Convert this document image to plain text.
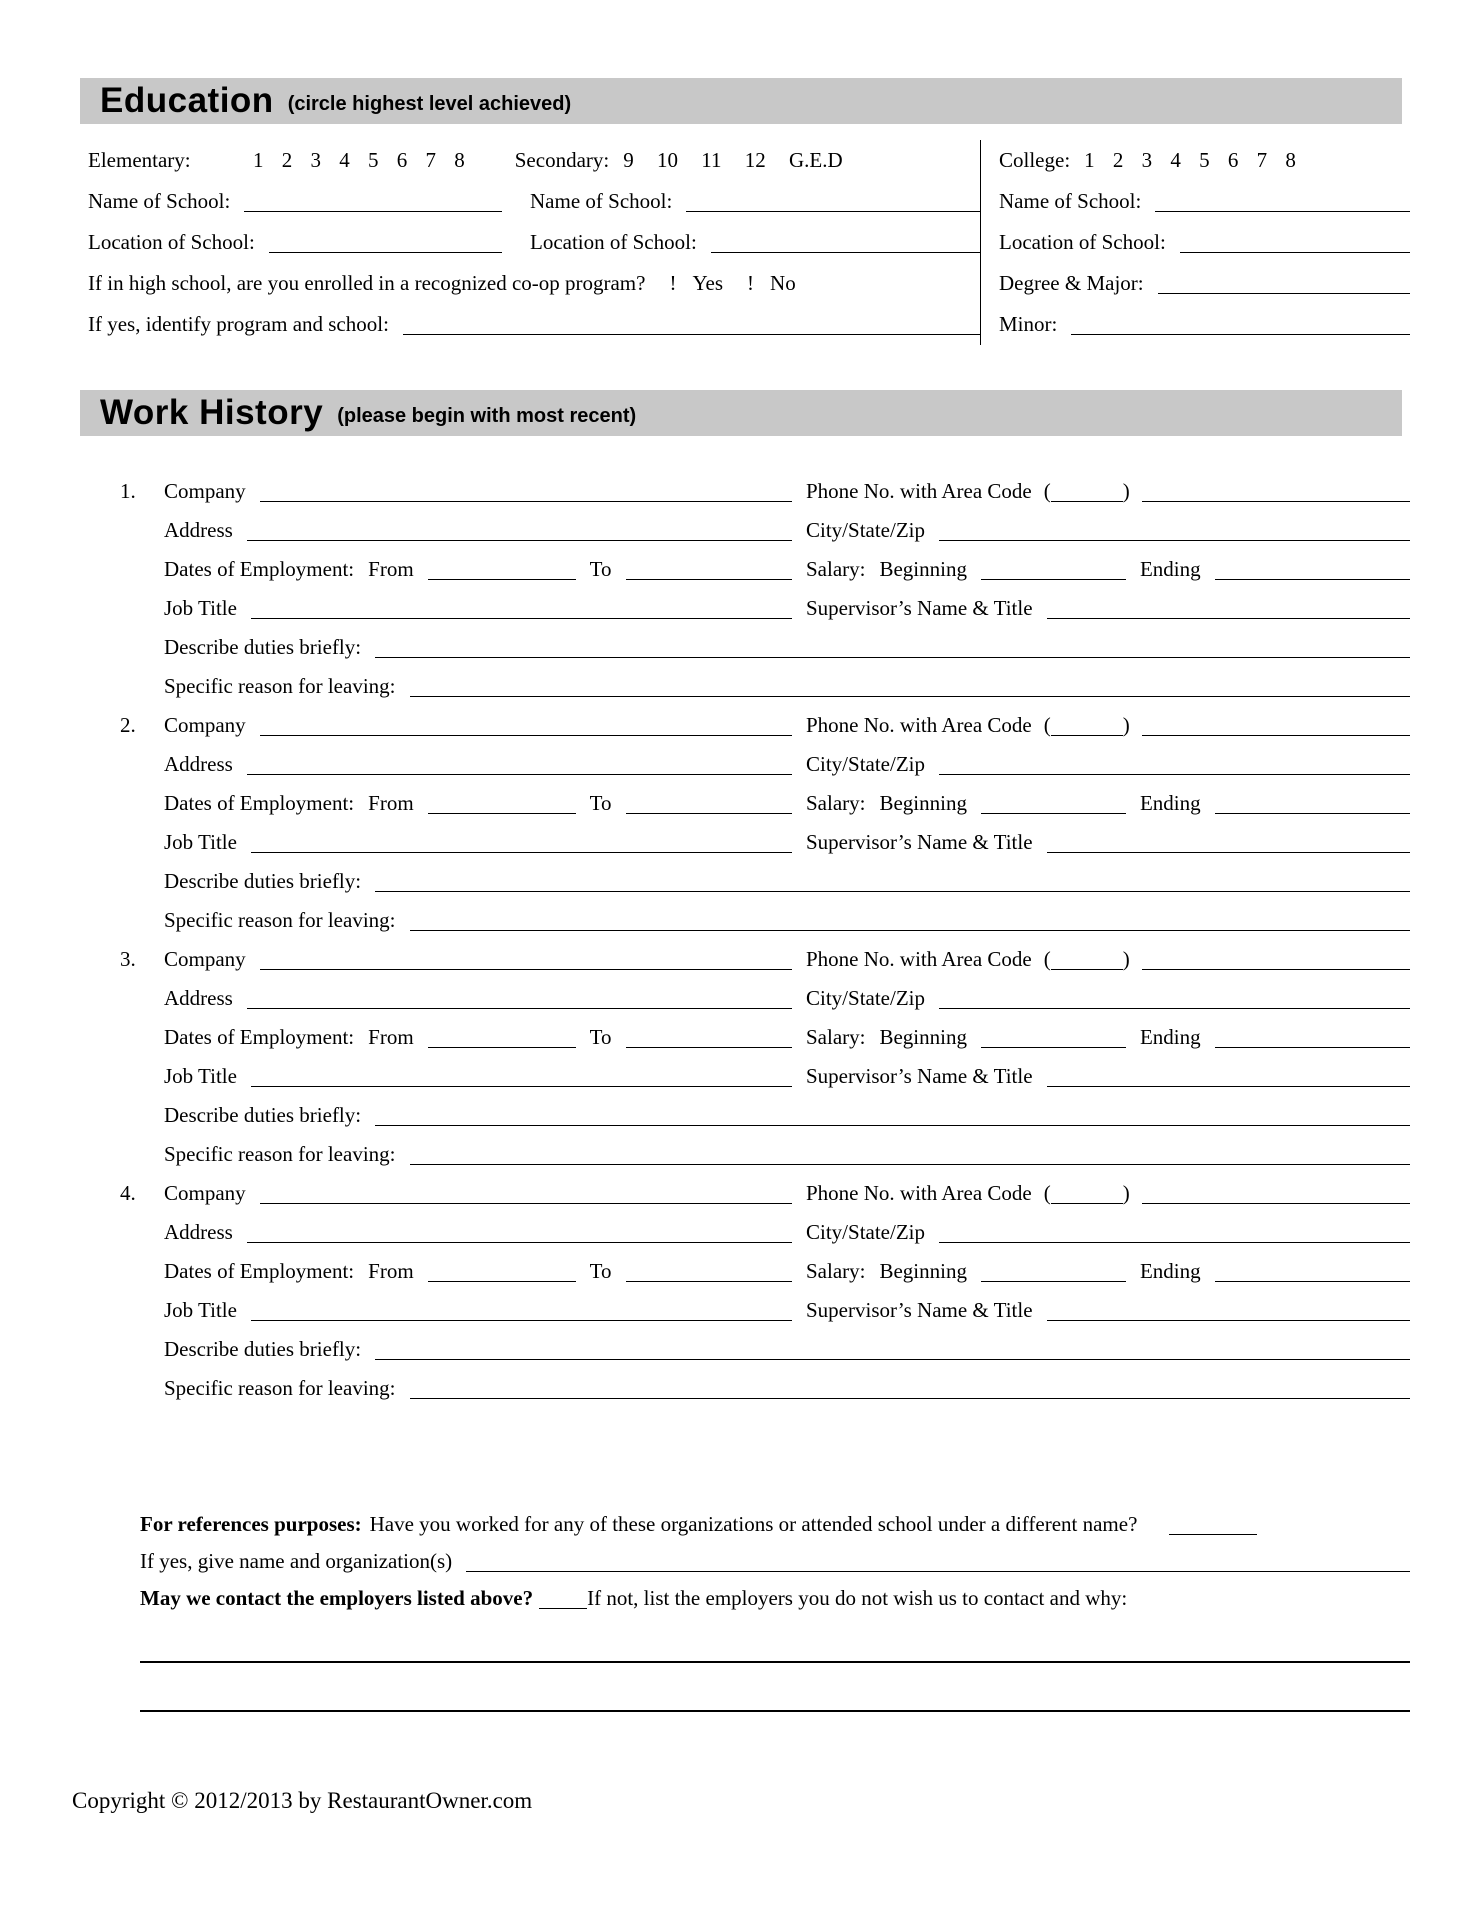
Education (circle highest level achieved)
Elementary:	1 2 3 4 5 6 7 8 Secondary: 9 10 11 12 G.E.D
Name of School:	Name of School:
Location of School:	Location of School:
If in high school, are you enrolled in a recognized co-op program? ! Yes ! No
If yes, identify program and school:
College: 1 2 3 4 5 6 7 8
Name of School:
Location of School:
Degree & Major:
Minor:
Work History (please begin with most recent)
1.	Company	Phone No. with Area Code (	)
Address	City/State/Zip
Dates of Employment: From	To	Salary: Beginning	Ending
Job Title	Supervisor’s Name & Title
Describe duties briefly:
Specific reason for leaving:
2.	Company	Phone No. with Area Code (	)
Address	City/State/Zip
Dates of Employment: From	To	Salary: Beginning	Ending
Job Title	Supervisor’s Name & Title
Describe duties briefly:
Specific reason for leaving:
3.	Company	Phone No. with Area Code (	)
Address	City/State/Zip
Dates of Employment: From	To	Salary: Beginning	Ending
Job Title	Supervisor’s Name & Title
Describe duties briefly:
Specific reason for leaving:
4.	Company	Phone No. with Area Code (	)
Address	City/State/Zip
Dates of Employment: From	To	Salary: Beginning	Ending
Job Title	Supervisor’s Name & Title
Describe duties briefly:
Specific reason for leaving:
For references purposes: Have you worked for any of these organizations or attended school under a different name?
If yes, give name and organization(s)
May we contact the employers listed above?	If not, list the employers you do not wish us to contact and why:
Copyright © 2012/2013 by RestaurantOwner.com
